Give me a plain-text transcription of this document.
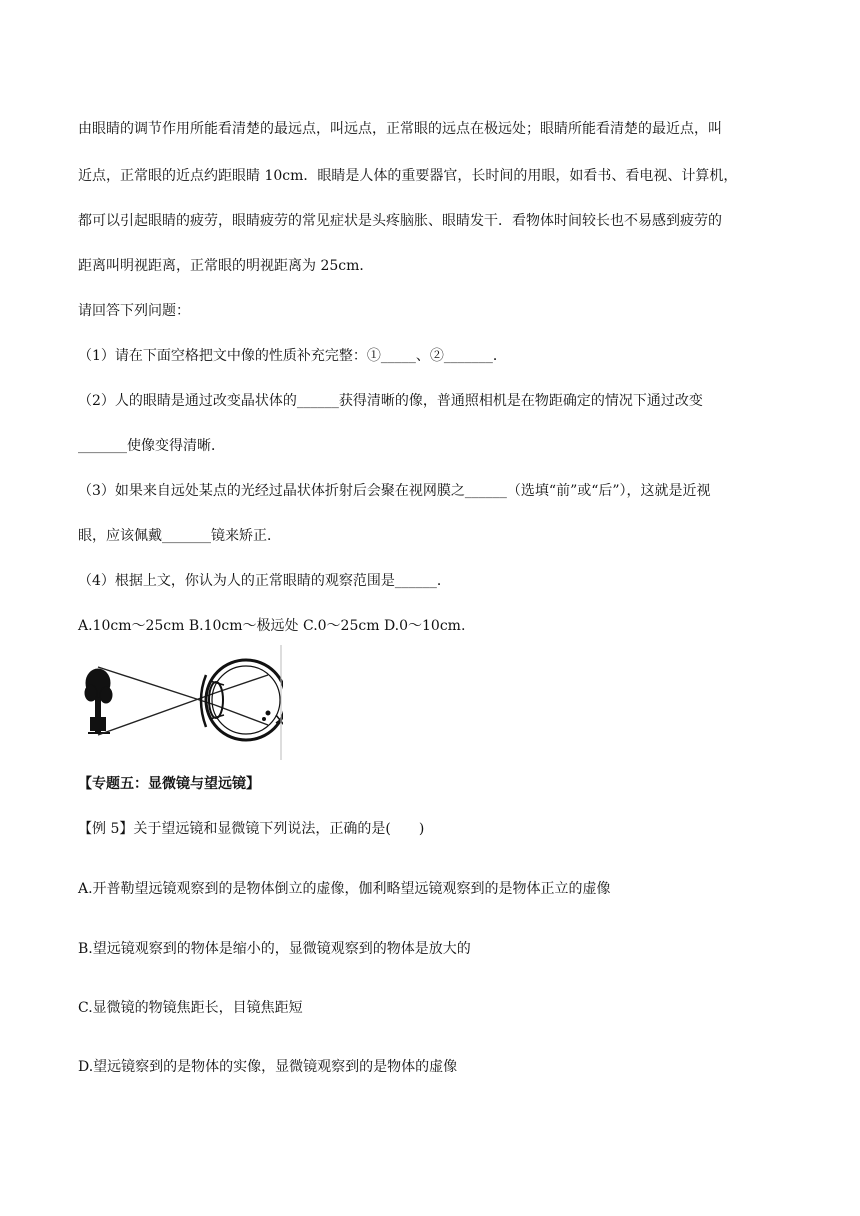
由眼睛的调节作用所能看清楚的最远点，叫远点，正常眼的远点在极远处；眼睛所能看清楚的最近点，叫
近点，正常眼的近点约距眼睛 10cm．眼睛是人体的重要器官，长时间的用眼，如看书、看电视、计算机，
都可以引起眼睛的疲劳，眼睛疲劳的常见症状是头疼脑胀、眼睛发干．看物体时间较长也不易感到疲劳的
距离叫明视距离，正常眼的明视距离为 25cm．
请回答下列问题：
（1）请在下面空格把文中像的性质补充完整：①_____、②_______．
（2）人的眼睛是通过改变晶状体的______获得清晰的像，普通照相机是在物距确定的情况下通过改变
_______使像变得清晰．
（3）如果来自远处某点的光经过晶状体折射后会聚在视网膜之______（选填“前”或“后”），这就是近视
眼，应该佩戴_______镜来矫正．
（4）根据上文，你认为人的正常眼睛的观察范围是______．
A.10cm～25cm B.10cm～极远处 C.0～25cm D.0～10cm.
【专题五：显微镜与望远镜】
【例 5】关于望远镜和显微镜下列说法，正确的是(　　)
A.开普勒望远镜观察到的是物体倒立的虚像，伽利略望远镜观察到的是物体正立的虚像
B.望远镜观察到的物体是缩小的，显微镜观察到的物体是放大的
C.显微镜的物镜焦距长，目镜焦距短
D.望远镜察到的是物体的实像，显微镜观察到的是物体的虚像
